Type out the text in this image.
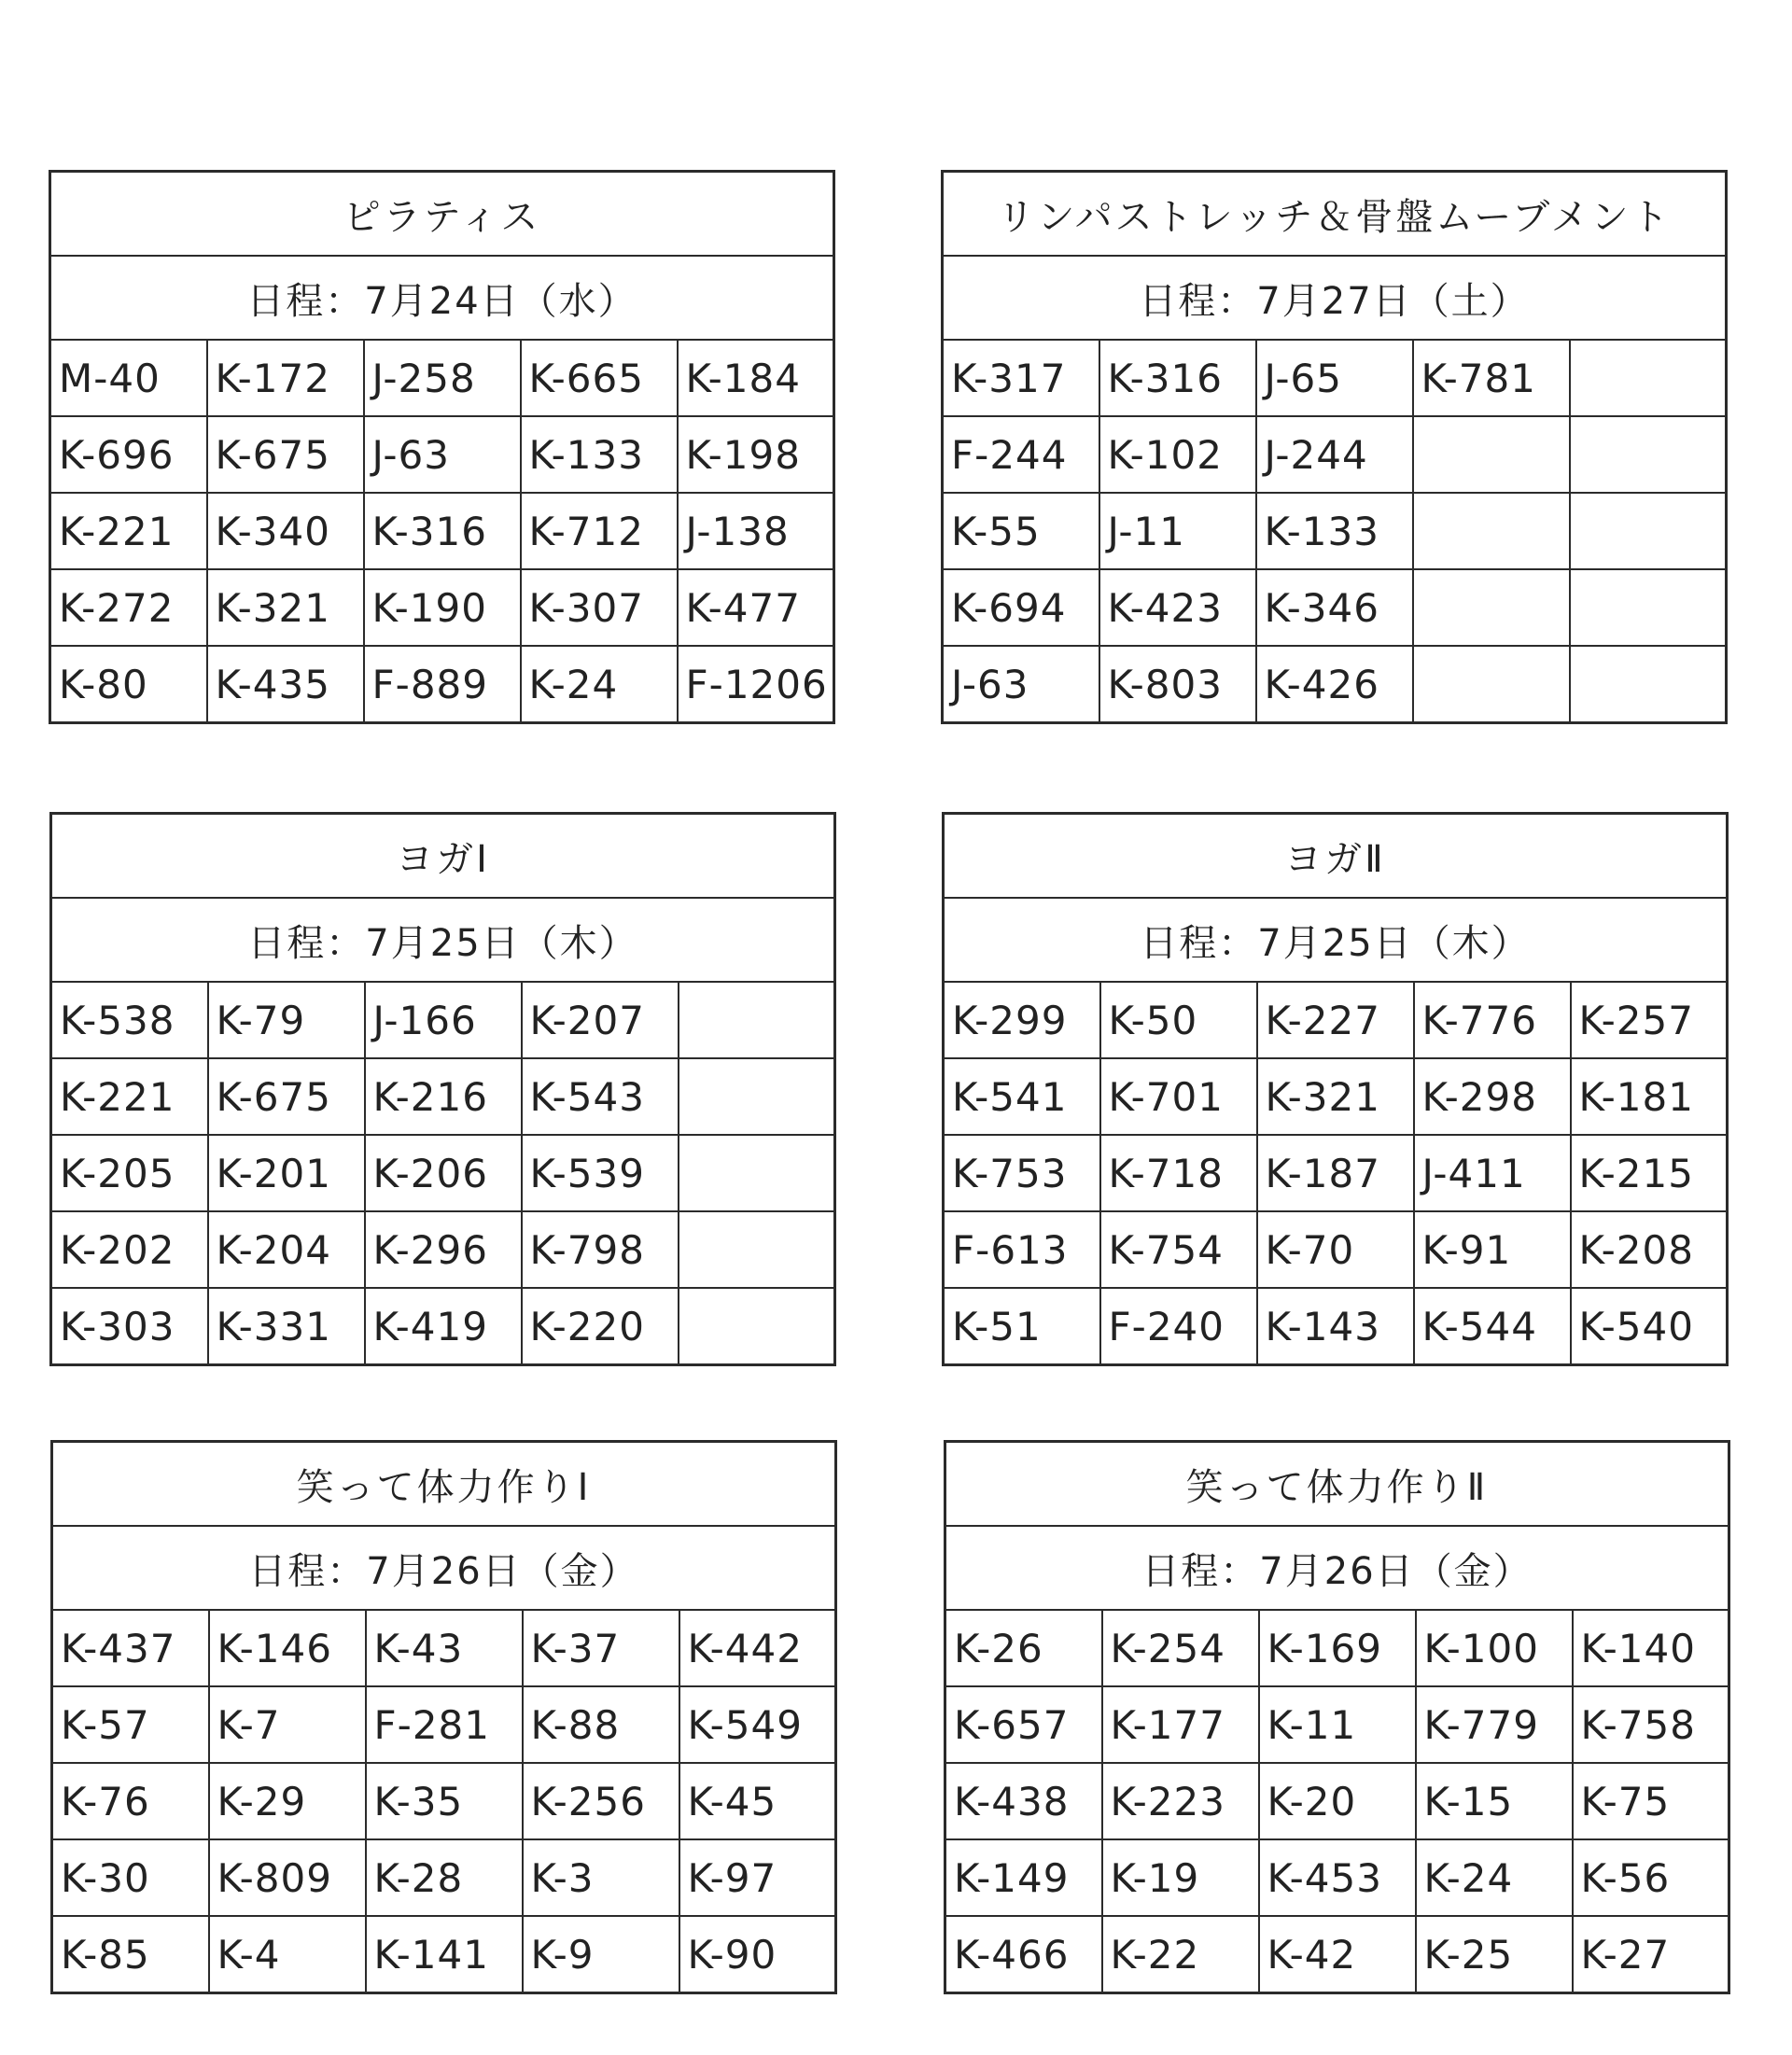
ピラティス				
日程：7月24日（水）				
M-40	K-172	J-258	K-665	K-184
K-696	K-675	J-63	K-133	K-198
K-221	K-340	K-316	K-712	J-138
K-272	K-321	K-190	K-307	K-477
K-80	K-435	F-889	K-24	F-1206
リンパストレッチ＆骨盤ムーブメント				
日程：7月27日（土）				
K-317	K-316	J-65	K-781	
F-244	K-102	J-244		
K-55	J-11	K-133		
K-694	K-423	K-346		
J-63	K-803	K-426		
ヨガⅠ				
日程：7月25日（木）				
K-538	K-79	J-166	K-207	
K-221	K-675	K-216	K-543	
K-205	K-201	K-206	K-539	
K-202	K-204	K-296	K-798	
K-303	K-331	K-419	K-220	
ヨガⅡ				
日程：7月25日（木）				
K-299	K-50	K-227	K-776	K-257
K-541	K-701	K-321	K-298	K-181
K-753	K-718	K-187	J-411	K-215
F-613	K-754	K-70	K-91	K-208
K-51	F-240	K-143	K-544	K-540
笑って体力作りⅠ				
日程：7月26日（金）				
K-437	K-146	K-43	K-37	K-442
K-57	K-7	F-281	K-88	K-549
K-76	K-29	K-35	K-256	K-45
K-30	K-809	K-28	K-3	K-97
K-85	K-4	K-141	K-9	K-90
笑って体力作りⅡ				
日程：7月26日（金）				
K-26	K-254	K-169	K-100	K-140
K-657	K-177	K-11	K-779	K-758
K-438	K-223	K-20	K-15	K-75
K-149	K-19	K-453	K-24	K-56
K-466	K-22	K-42	K-25	K-27
